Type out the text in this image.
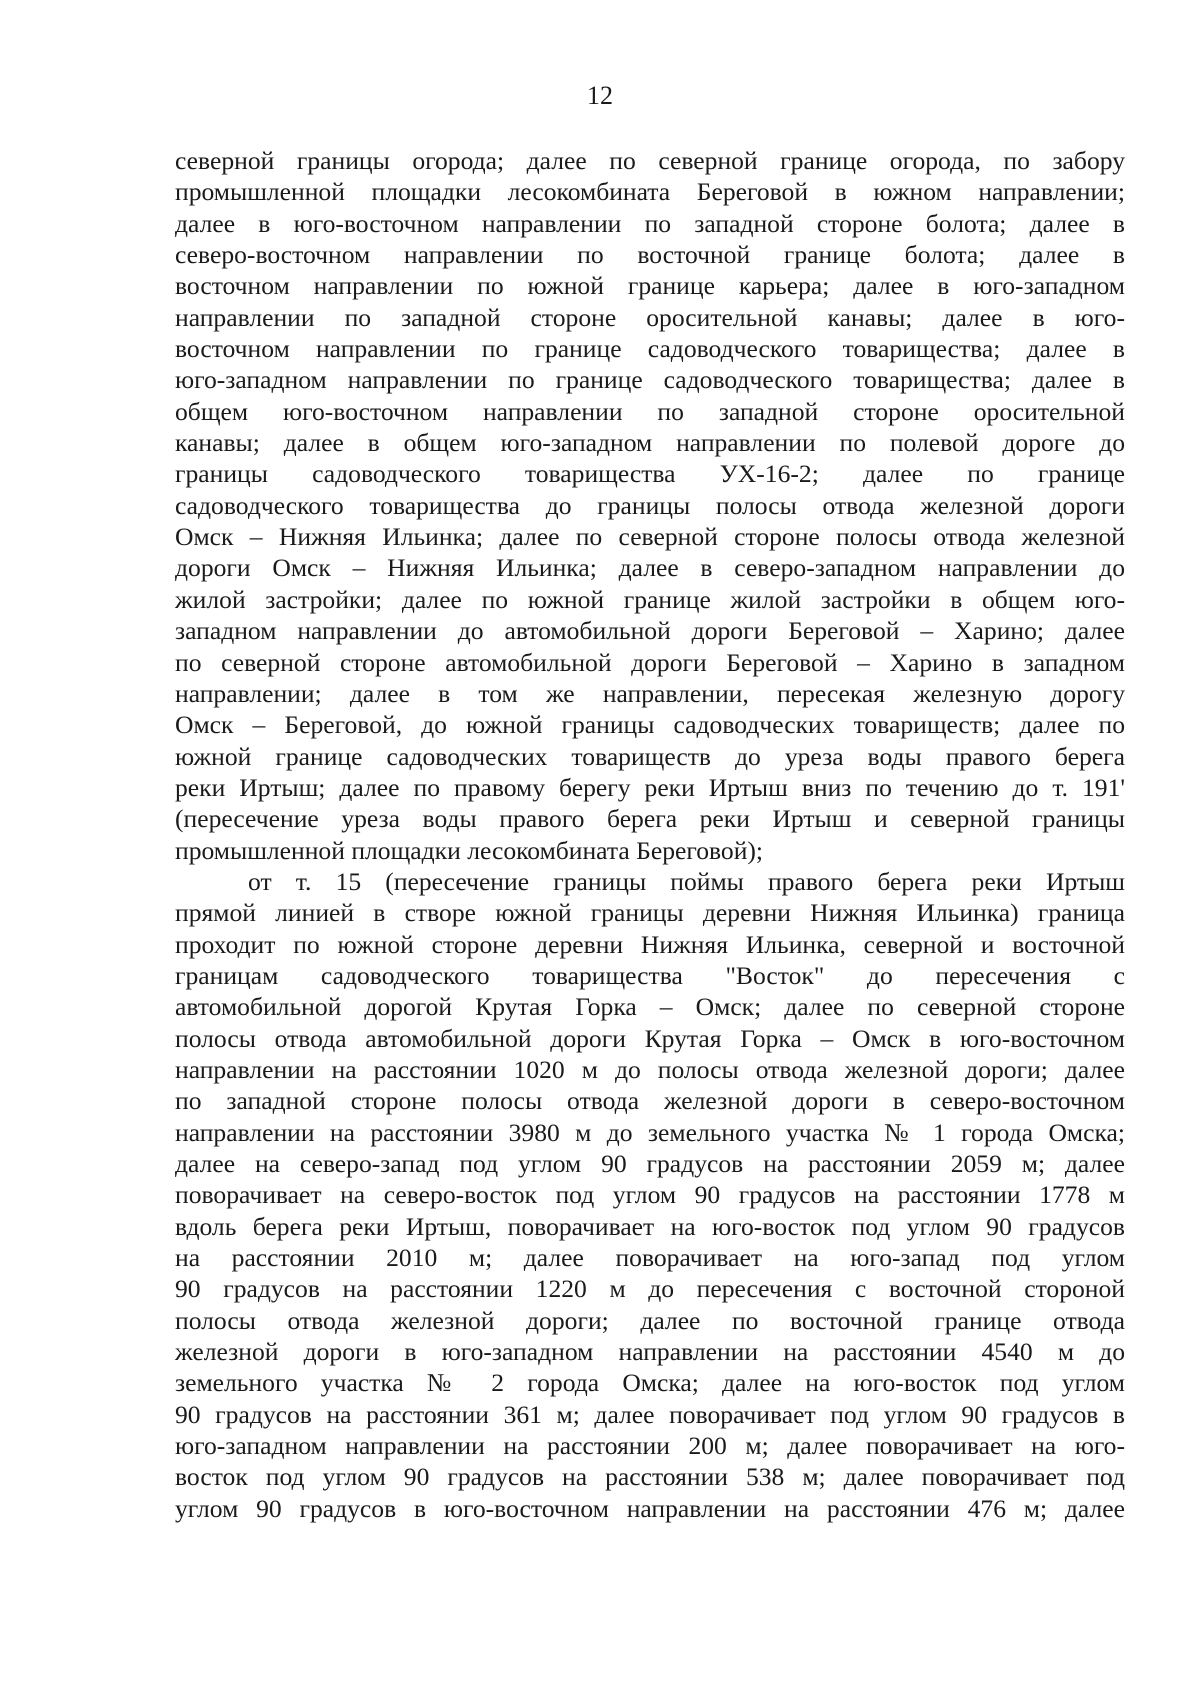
12
северной границы огорода; далее по северной границе огорода, по забору
промышленной площадки лесокомбината Береговой в южном направлении;
далее в юго-восточном направлении по западной стороне болота; далее в
северо-восточном направлении по восточной границе болота; далее в
восточном направлении по южной границе карьера; далее в юго-западном
направлении по западной стороне оросительной канавы; далее в юго-
восточном направлении по границе садоводческого товарищества; далее в
юго-западном направлении по границе садоводческого товарищества; далее в
общем юго-восточном направлении по западной стороне оросительной
канавы; далее в общем юго-западном направлении по полевой дороге до
границы садоводческого товарищества УХ-16-2; далее по границе
садоводческого товарищества до границы полосы отвода железной дороги
Омск – Нижняя Ильинка; далее по северной стороне полосы отвода железной
дороги Омск – Нижняя Ильинка; далее в северо-западном направлении до
жилой застройки; далее по южной границе жилой застройки в общем юго-
западном направлении до автомобильной дороги Береговой – Харино; далее
по северной стороне автомобильной дороги Береговой – Харино в западном
направлении; далее в том же направлении, пересекая железную дорогу
Омск – Береговой, до южной границы садоводческих товариществ; далее по
южной границе садоводческих товариществ до уреза воды правого берега
реки Иртыш; далее по правому берегу реки Иртыш вниз по течению до т. 191'
(пересечение уреза воды правого берега реки Иртыш и северной границы
промышленной площадки лесокомбината Береговой);
от т. 15 (пересечение границы поймы правого берега реки Иртыш
прямой линией в створе южной границы деревни Нижняя Ильинка) граница
проходит по южной стороне деревни Нижняя Ильинка, северной и восточной
границам садоводческого товарищества "Восток" до пересечения с
автомобильной дорогой Крутая Горка – Омск; далее по северной стороне
полосы отвода автомобильной дороги Крутая Горка – Омск в юго-восточном
направлении на расстоянии 1020 м до полосы отвода железной дороги; далее
по западной стороне полосы отвода железной дороги в северо-восточном
направлении на расстоянии 3980 м до земельного участка № 1 города Омска;
далее на северо-запад под углом 90 градусов на расстоянии 2059 м; далее
поворачивает на северо-восток под углом 90 градусов на расстоянии 1778 м
вдоль берега реки Иртыш, поворачивает на юго-восток под углом 90 градусов
на расстоянии 2010 м; далее поворачивает на юго-запад под углом
90 градусов на расстоянии 1220 м до пересечения с восточной стороной
полосы отвода железной дороги; далее по восточной границе отвода
железной дороги в юго-западном направлении на расстоянии 4540 м до
земельного участка № 2 города Омска; далее на юго-восток под углом
90 градусов на расстоянии 361 м; далее поворачивает под углом 90 градусов в
юго-западном направлении на расстоянии 200 м; далее поворачивает на юго-
восток под углом 90 градусов на расстоянии 538 м; далее поворачивает под
углом 90 градусов в юго-восточном направлении на расстоянии 476 м; далее
